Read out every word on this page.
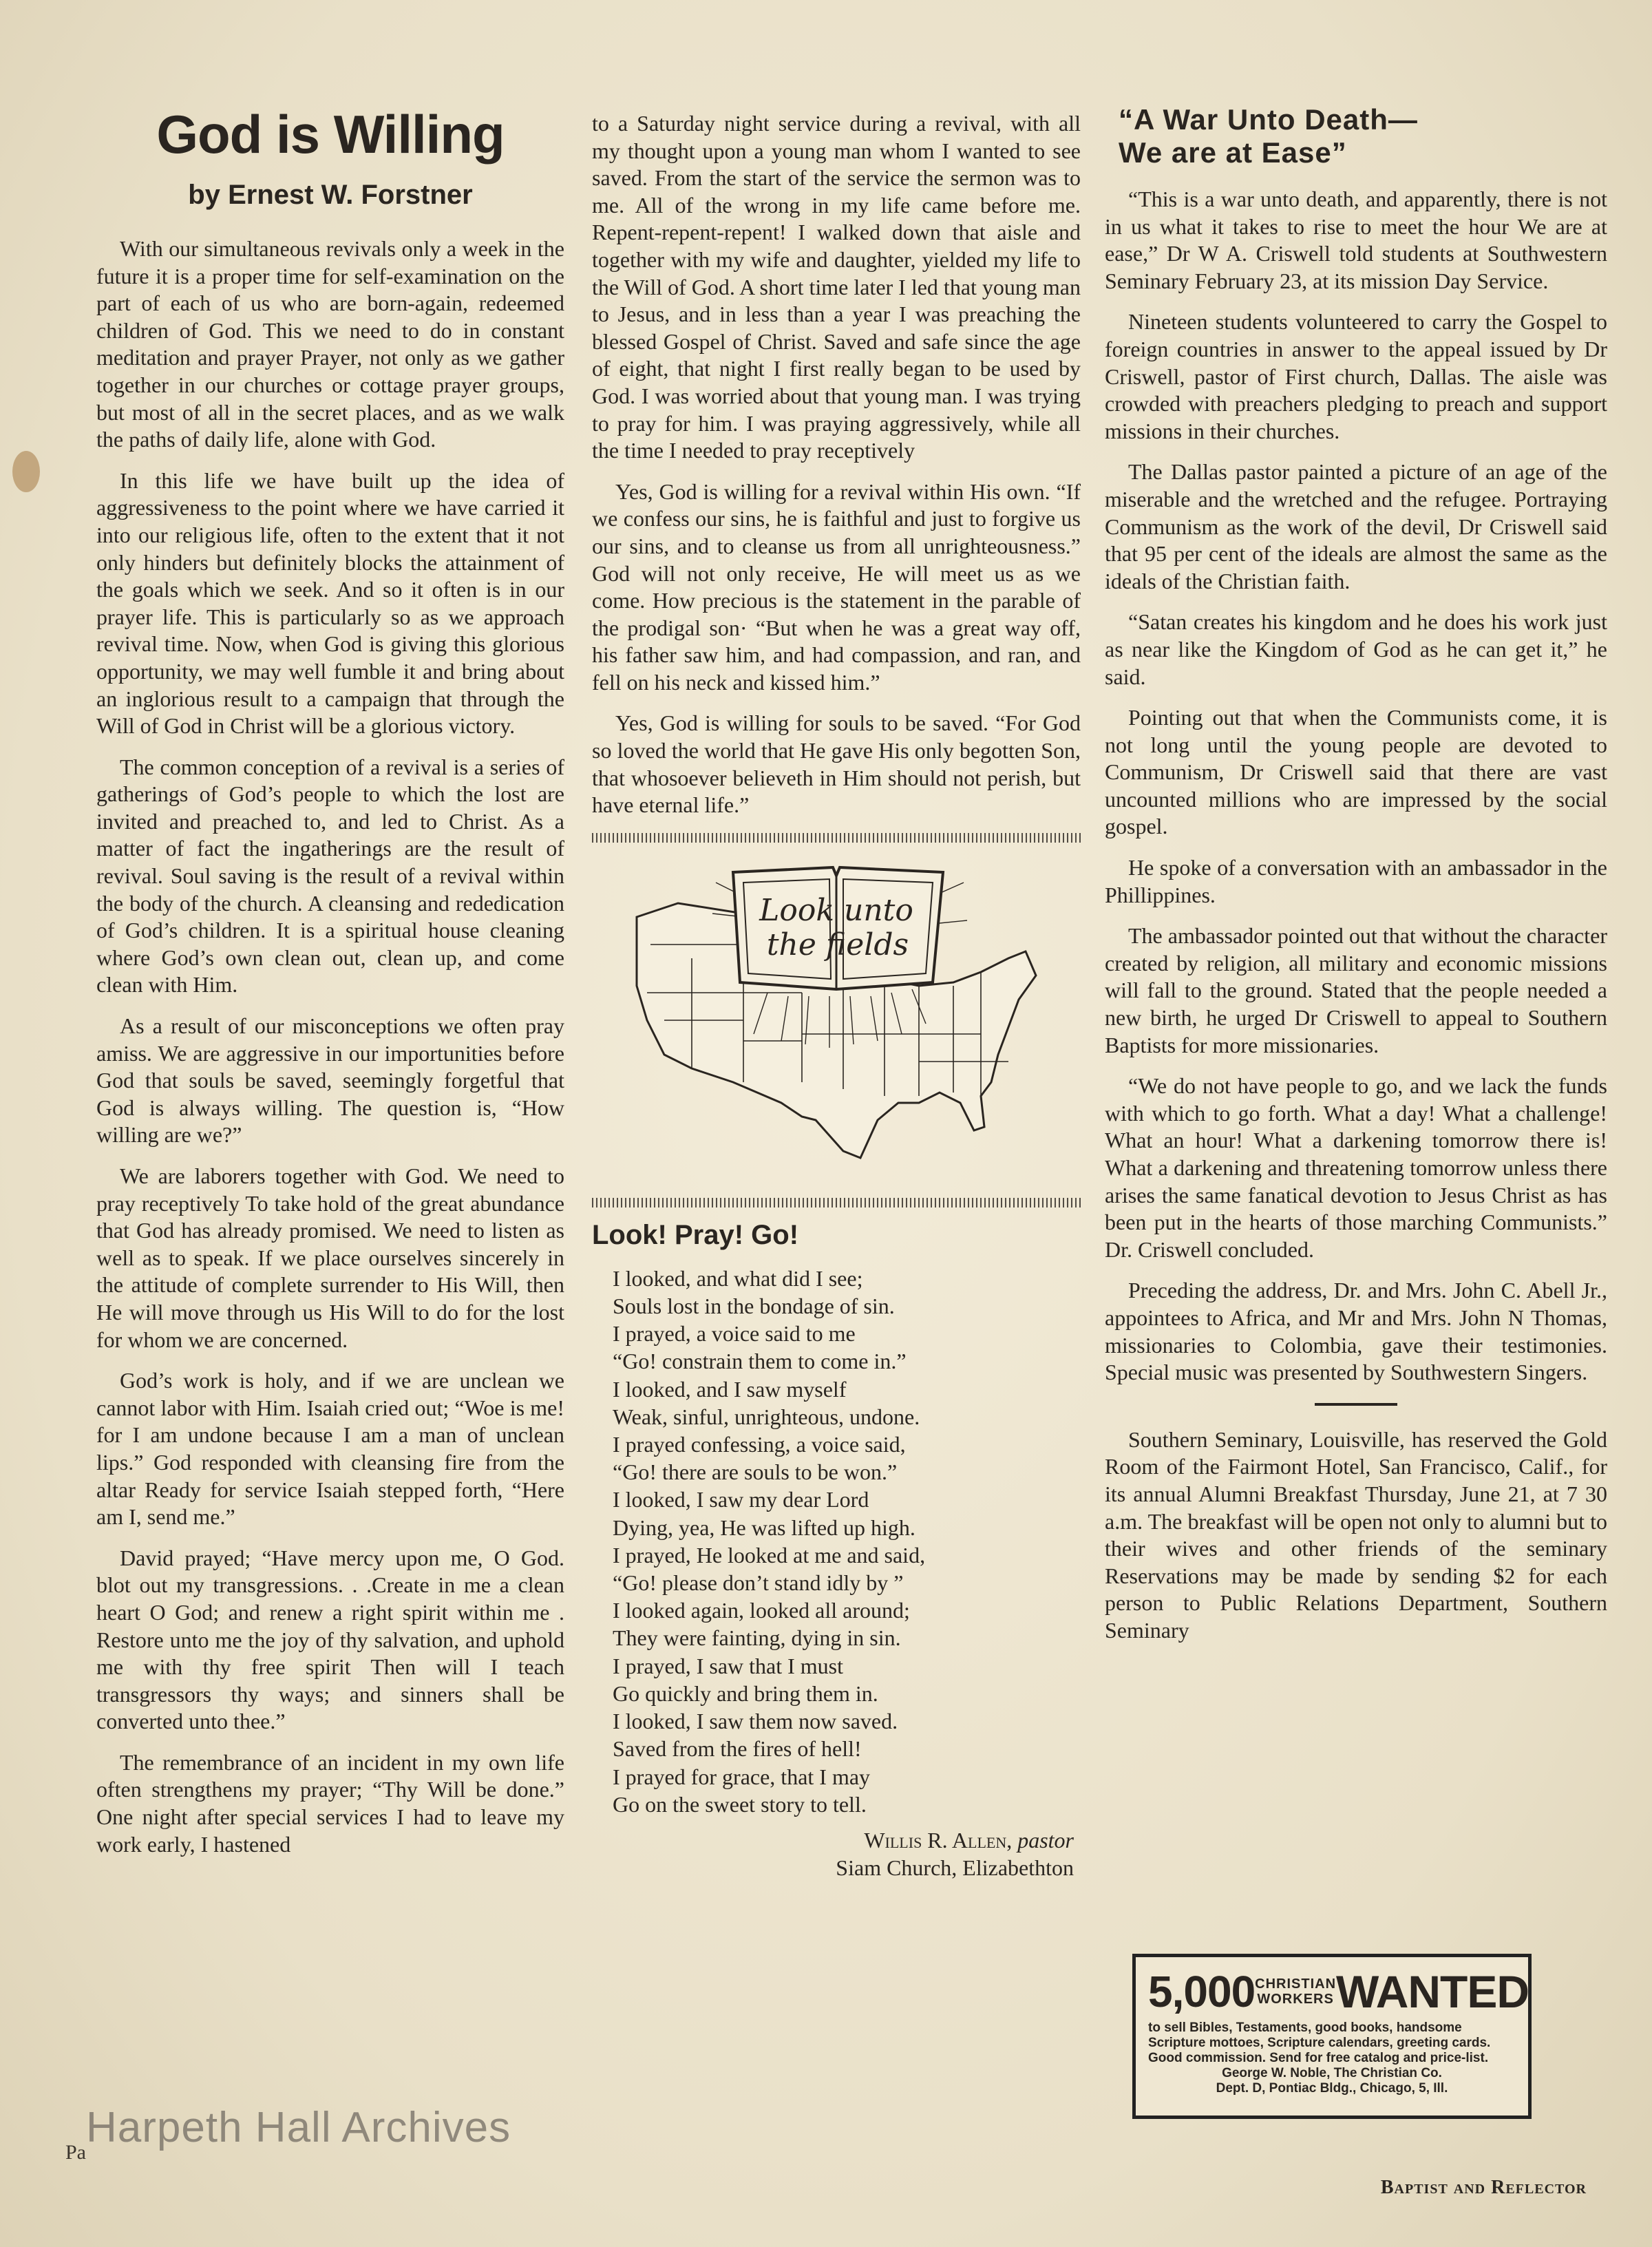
God is Willing
by Ernest W. Forstner

With our simultaneous revivals only a week in the future it is a proper time for self-examination on the part of each of us who are born-again, redeemed children of God. This we need to do in constant meditation and prayer Prayer, not only as we gather together in our churches or cottage prayer groups, but most of all in the secret places, and as we walk the paths of daily life, alone with God.

In this life we have built up the idea of aggressiveness to the point where we have carried it into our religious life, often to the extent that it not only hinders but definitely blocks the attainment of the goals which we seek. And so it often is in our prayer life. This is particularly so as we approach revival time. Now, when God is giving this glorious opportunity, we may well fumble it and bring about an inglorious result to a campaign that through the Will of God in Christ will be a glorious victory.

The common conception of a revival is a series of gatherings of God’s people to which the lost are invited and preached to, and led to Christ. As a matter of fact the ingatherings are the result of revival. Soul saving is the result of a revival within the body of the church. A cleansing and rededication of God’s children. It is a spiritual house cleaning where God’s own clean out, clean up, and come clean with Him.

As a result of our misconceptions we often pray amiss. We are aggressive in our importunities before God that souls be saved, seemingly forgetful that God is always willing. The question is, “How willing are we?”

We are laborers together with God. We need to pray receptively To take hold of the great abundance that God has already promised. We need to listen as well as to speak. If we place ourselves sincerely in the attitude of complete surrender to His Will, then He will move through us His Will to do for the lost for whom we are concerned.

God’s work is holy, and if we are unclean we cannot labor with Him. Isaiah cried out; “Woe is me! for I am undone because I am a man of unclean lips.” God responded with cleansing fire from the altar Ready for service Isaiah stepped forth, “Here am I, send me.”

David prayed; “Have mercy upon me, O God. blot out my transgressions. . .Create in me a clean heart O God; and renew a right spirit within me . Restore unto me the joy of thy salvation, and uphold me with thy free spirit Then will I teach transgressors thy ways; and sinners shall be converted unto thee.”

The remembrance of an incident in my own life often strengthens my prayer; “Thy Will be done.” One night after special services I had to leave my work early, I hastened

to a Saturday night service during a revival, with all my thought upon a young man whom I wanted to see saved. From the start of the service the sermon was to me. All of the wrong in my life came before me. Repent-repent-repent! I walked down that aisle and together with my wife and daughter, yielded my life to the Will of God. A short time later I led that young man to Jesus, and in less than a year I was preaching the blessed Gospel of Christ. Saved and safe since the age of eight, that night I first really began to be used by God. I was worried about that young man. I was trying to pray for him. I was praying aggressively, while all the time I needed to pray receptively

Yes, God is willing for a revival within His own. “If we confess our sins, he is faithful and just to forgive us our sins, and to cleanse us from all unrighteousness.” God will not only receive, He will meet us as we come. How precious is the statement in the parable of the prodigal son· “But when he was a great way off, his father saw him, and had compassion, and ran, and fell on his neck and kissed him.”

Yes, God is willing for souls to be saved. “For God so loved the world that He gave His only begotten Son, that whosoever believeth in Him should not perish, but have eternal life.”

Look unto
the fields
Look! Pray! Go!
I looked, and what did I see;
Souls lost in the bondage of sin.
I prayed, a voice said to me
“Go! constrain them to come in.”
I looked, and I saw myself
Weak, sinful, unrighteous, undone.
I prayed confessing, a voice said,
“Go! there are souls to be won.”
I looked, I saw my dear Lord
Dying, yea, He was lifted up high.
I prayed, He looked at me and said,
“Go! please don’t stand idly by ”
I looked again, looked all around;
They were fainting, dying in sin.
I prayed, I saw that I must
Go quickly and bring them in.
I looked, I saw them now saved.
Saved from the fires of hell!
I prayed for grace, that I may
Go on the sweet story to tell.
Willis R. Allen, pastor
Siam Church, Elizabethton
“A War Unto Death—
We are at Ease”

“This is a war unto death, and apparently, there is not in us what it takes to rise to meet the hour We are at ease,” Dr W A. Criswell told students at Southwestern Seminary February 23, at its mission Day Service.

Nineteen students volunteered to carry the Gospel to foreign countries in answer to the appeal issued by Dr Criswell, pastor of First church, Dallas. The aisle was crowded with preachers pledging to preach and support missions in their churches.

The Dallas pastor painted a picture of an age of the miserable and the wretched and the refugee. Portraying Communism as the work of the devil, Dr Criswell said that 95 per cent of the ideals are almost the same as the ideals of the Christian faith.

“Satan creates his kingdom and he does his work just as near like the Kingdom of God as he can get it,” he said.

Pointing out that when the Communists come, it is not long until the young people are devoted to Communism, Dr Criswell said that there are vast uncounted millions who are impressed by the social gospel.

He spoke of a conversation with an ambassador in the Phillippines.

The ambassador pointed out that without the character created by religion, all military and economic missions will fall to the ground. Stated that the people needed a new birth, he urged Dr Criswell to appeal to Southern Baptists for more missionaries.

“We do not have people to go, and we lack the funds with which to go forth. What a day! What a challenge! What an hour! What a darkening tomorrow there is! What a darkening and threatening tomorrow unless there arises the same fanatical devotion to Jesus Christ as has been put in the hearts of those marching Communists.” Dr. Criswell concluded.

Preceding the address, Dr. and Mrs. John C. Abell Jr., appointees to Africa, and Mr and Mrs. John N Thomas, missionaries to Colombia, gave their testimonies. Special music was presented by Southwestern Singers.

Southern Seminary, Louisville, has reserved the Gold Room of the Fairmont Hotel, San Francisco, Calif., for its annual Alumni Breakfast Thursday, June 21, at 7 30 a.m. The breakfast will be open not only to alumni but to their wives and other friends of the seminary Reservations may be made by sending $2 for each person to Public Relations Department, Southern Seminary

5,000 CHRISTIAN
WORKERS WANTED
to sell Bibles, Testaments, good books, handsome Scripture mottoes, Scripture calendars, greeting cards. Good commission. Send for free catalog and price-list.
George W. Noble, The Christian Co.
Dept. D, Pontiac Bldg., Chicago, 5, Ill.
Harpeth Hall Archives
Pa
Baptist and Reflector
